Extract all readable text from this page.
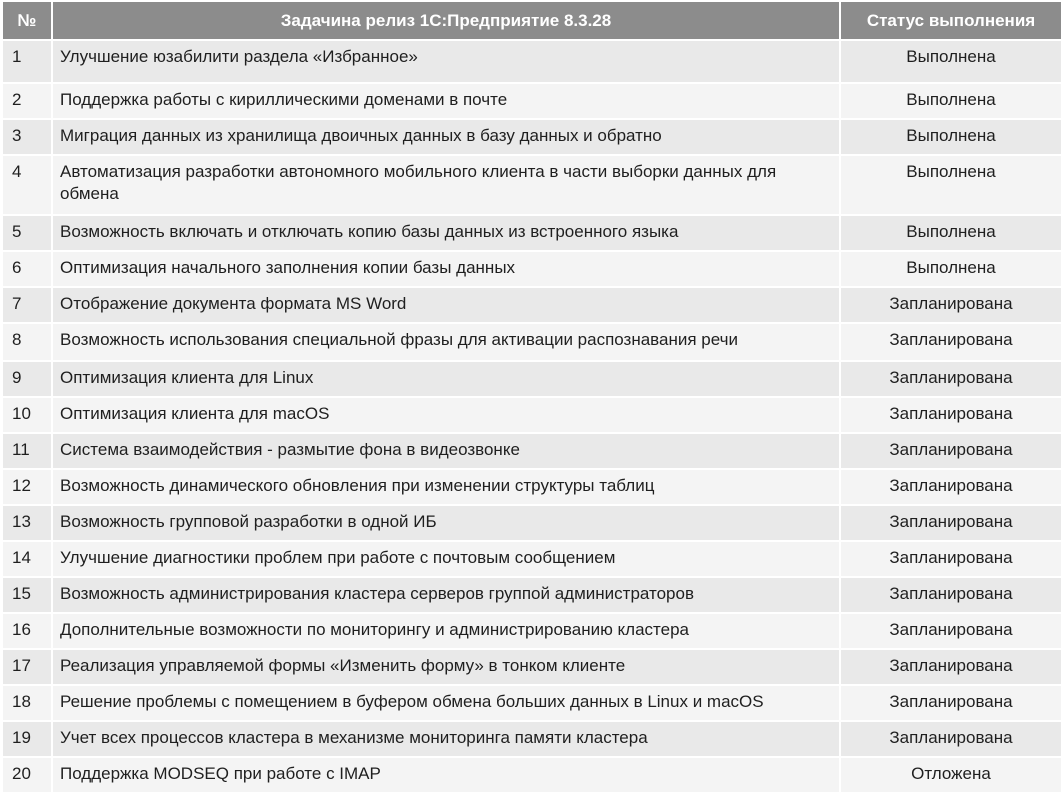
№	Задачина релиз 1С:Предприятие 8.3.28	Статус выполнения
1	Улучшение юзабилити раздела «Избранное»	Выполнена
2	Поддержка работы с кириллическими доменами в почте	Выполнена
3	Миграция данных из хранилища двоичных данных в базу данных и обратно	Выполнена
4	Автоматизация разработки автономного мобильного клиента в части выборки данных для обмена	Выполнена
5	Возможность включать и отключать копию базы данных из встроенного языка	Выполнена
6	Оптимизация начального заполнения копии базы данных	Выполнена
7	Отображение документа формата MS Word	Запланирована
8	Возможность использования специальной фразы для активации распознавания речи	Запланирована
9	Оптимизация клиента для Linux	Запланирована
10	Оптимизация клиента для macOS	Запланирована
11	Система взаимодействия - размытие фона в видеозвонке	Запланирована
12	Возможность динамического обновления при изменении структуры таблиц	Запланирована
13	Возможность групповой разработки в одной ИБ	Запланирована
14	Улучшение диагностики проблем при работе с почтовым сообщением	Запланирована
15	Возможность администрирования кластера серверов группой администраторов	Запланирована
16	Дополнительные возможности по мониторингу и администрированию кластера	Запланирована
17	Реализация управляемой формы «Изменить форму» в тонком клиенте	Запланирована
18	Решение проблемы с помещением в буфером обмена больших данных в Linux и macOS	Запланирована
19	Учет всех процессов кластера в механизме мониторинга памяти кластера	Запланирована
20	Поддержка MODSEQ при работе с IMAP	Отложена
